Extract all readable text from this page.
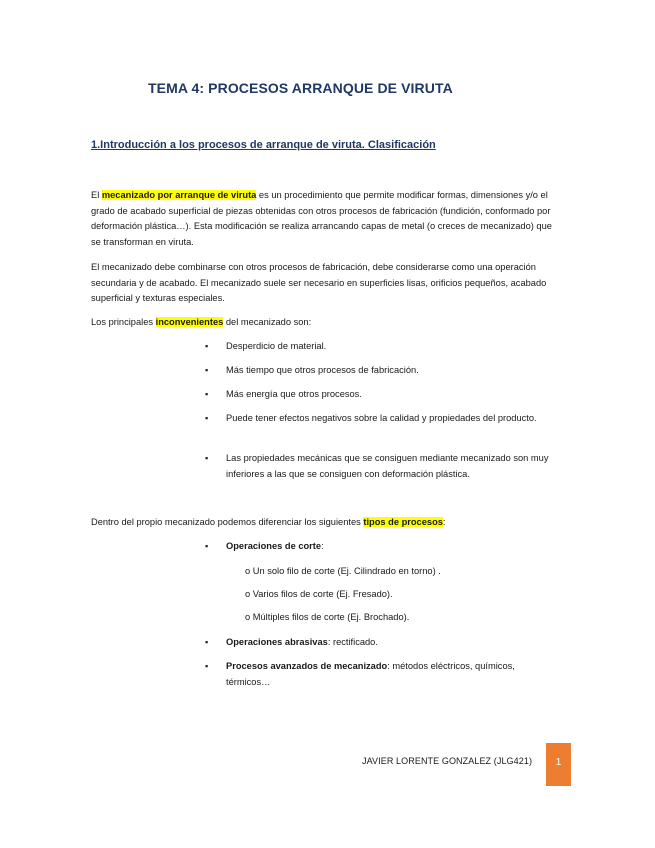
TEMA 4: PROCESOS ARRANQUE DE VIRUTA
1.Introducción a los procesos de arranque de viruta. Clasificación
El mecanizado por arranque de viruta es un procedimiento que permite modificar formas, dimensiones y/o el grado de acabado superficial de piezas obtenidas con otros procesos de fabricación (fundición, conformado por deformación plástica…). Esta modificación se realiza arrancando capas de metal (o creces de mecanizado) que se transforman en viruta.
El mecanizado debe combinarse con otros procesos de fabricación, debe considerarse como una operación secundaria y de acabado. El mecanizado suele ser necesario en superficies lisas, orificios pequeños, acabado superficial y texturas especiales.
Los principales inconvenientes del mecanizado son:
▪ Desperdicio de material.
▪ Más tiempo que otros procesos de fabricación.
▪ Más energía que otros procesos.
▪ Puede tener efectos negativos sobre la calidad y propiedades del producto.
▪ Las propiedades mecánicas que se consiguen mediante mecanizado son muy inferiores a las que se consiguen con deformación plástica.
Dentro del propio mecanizado podemos diferenciar los siguientes tipos de procesos:
▪ Operaciones de corte:
o Un solo filo de corte (Ej. Cilindrado en torno) .
o Varios filos de corte (Ej. Fresado).
o Múltiples filos de corte (Ej. Brochado).
▪ Operaciones abrasivas: rectificado.
▪ Procesos avanzados de mecanizado: métodos eléctricos, químicos, térmicos…
JAVIER LORENTE GONZALEZ (JLG421)	1
